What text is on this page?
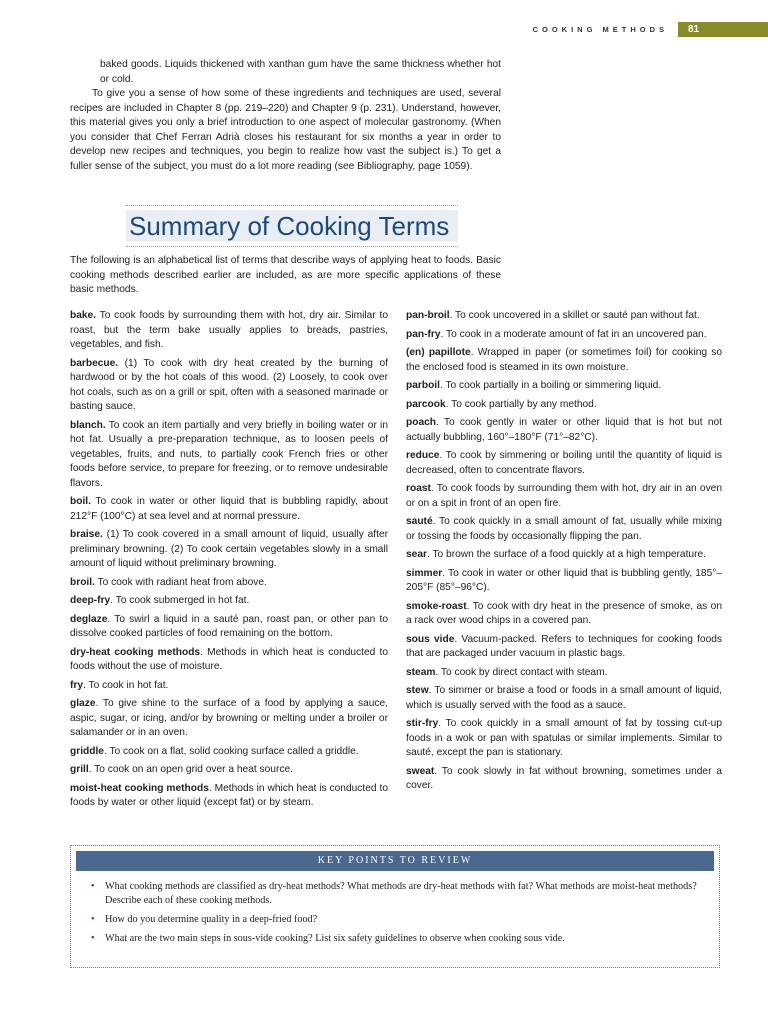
COOKING METHODS	81

baked goods. Liquids thickened with xanthan gum have the same thickness whether hot or cold.

To give you a sense of how some of these ingredients and techniques are used, several recipes are included in Chapter 8 (pp. 219–220) and Chapter 9 (p. 231). Understand, however, this material gives you only a brief introduction to one aspect of molecular gastronomy. (When you consider that Chef Ferran Adrià closes his restaurant for six months a year in order to develop new recipes and techniques, you begin to realize how vast the subject is.) To get a fuller sense of the subject, you must do a lot more reading (see Bibliography, page 1059).

Summary of Cooking Terms

The following is an alphabetical list of terms that describe ways of applying heat to foods. Basic cooking methods described earlier are included, as are more specific applications of these basic methods.

bake. To cook foods by surrounding them with hot, dry air. Similar to roast, but the term bake usually applies to breads, pastries, vegetables, and fish.

barbecue. (1) To cook with dry heat created by the burning of hardwood or by the hot coals of this wood. (2) Loosely, to cook over hot coals, such as on a grill or spit, often with a seasoned marinade or basting sauce.

blanch. To cook an item partially and very briefly in boiling water or in hot fat. Usually a pre-preparation technique, as to loosen peels of vegetables, fruits, and nuts, to partially cook French fries or other foods before service, to prepare for freezing, or to remove undesirable flavors.

boil. To cook in water or other liquid that is bubbling rapidly, about 212°F (100°C) at sea level and at normal pressure.

braise. (1) To cook covered in a small amount of liquid, usually after preliminary browning. (2) To cook certain vegetables slowly in a small amount of liquid without preliminary browning.

broil. To cook with radiant heat from above.

deep-fry. To cook submerged in hot fat.

deglaze. To swirl a liquid in a sauté pan, roast pan, or other pan to dissolve cooked particles of food remaining on the bottom.

dry-heat cooking methods. Methods in which heat is conducted to foods without the use of moisture.

fry. To cook in hot fat.

glaze. To give shine to the surface of a food by applying a sauce, aspic, sugar, or icing, and/or by browning or melting under a broiler or salamander or in an oven.

griddle. To cook on a flat, solid cooking surface called a griddle.

grill. To cook on an open grid over a heat source.

moist-heat cooking methods. Methods in which heat is conducted to foods by water or other liquid (except fat) or by steam.

pan-broil. To cook uncovered in a skillet or sauté pan without fat.

pan-fry. To cook in a moderate amount of fat in an uncovered pan.

(en) papillote. Wrapped in paper (or sometimes foil) for cooking so the enclosed food is steamed in its own moisture.

parboil. To cook partially in a boiling or simmering liquid.

parcook. To cook partially by any method.

poach. To cook gently in water or other liquid that is hot but not actually bubbling, 160°–180°F (71°–82°C).

reduce. To cook by simmering or boiling until the quantity of liquid is decreased, often to concentrate flavors.

roast. To cook foods by surrounding them with hot, dry air in an oven or on a spit in front of an open fire.

sauté. To cook quickly in a small amount of fat, usually while mixing or tossing the foods by occasionally flipping the pan.

sear. To brown the surface of a food quickly at a high temperature.

simmer. To cook in water or other liquid that is bubbling gently, 185°–205°F (85°–96°C).

smoke-roast. To cook with dry heat in the presence of smoke, as on a rack over wood chips in a covered pan.

sous vide. Vacuum-packed. Refers to techniques for cooking foods that are packaged under vacuum in plastic bags.

steam. To cook by direct contact with steam.

stew. To simmer or braise a food or foods in a small amount of liquid, which is usually served with the food as a sauce.

stir-fry. To cook quickly in a small amount of fat by tossing cut-up foods in a wok or pan with spatulas or similar implements. Similar to sauté, except the pan is stationary.

sweat. To cook slowly in fat without browning, sometimes under a cover.

KEY POINTS TO REVIEW
• What cooking methods are classified as dry-heat methods? What methods are dry-heat methods with fat? What methods are moist-heat methods? Describe each of these cooking methods.
• How do you determine quality in a deep-fried food?
• What are the two main steps in sous-vide cooking? List six safety guidelines to observe when cooking sous vide.
